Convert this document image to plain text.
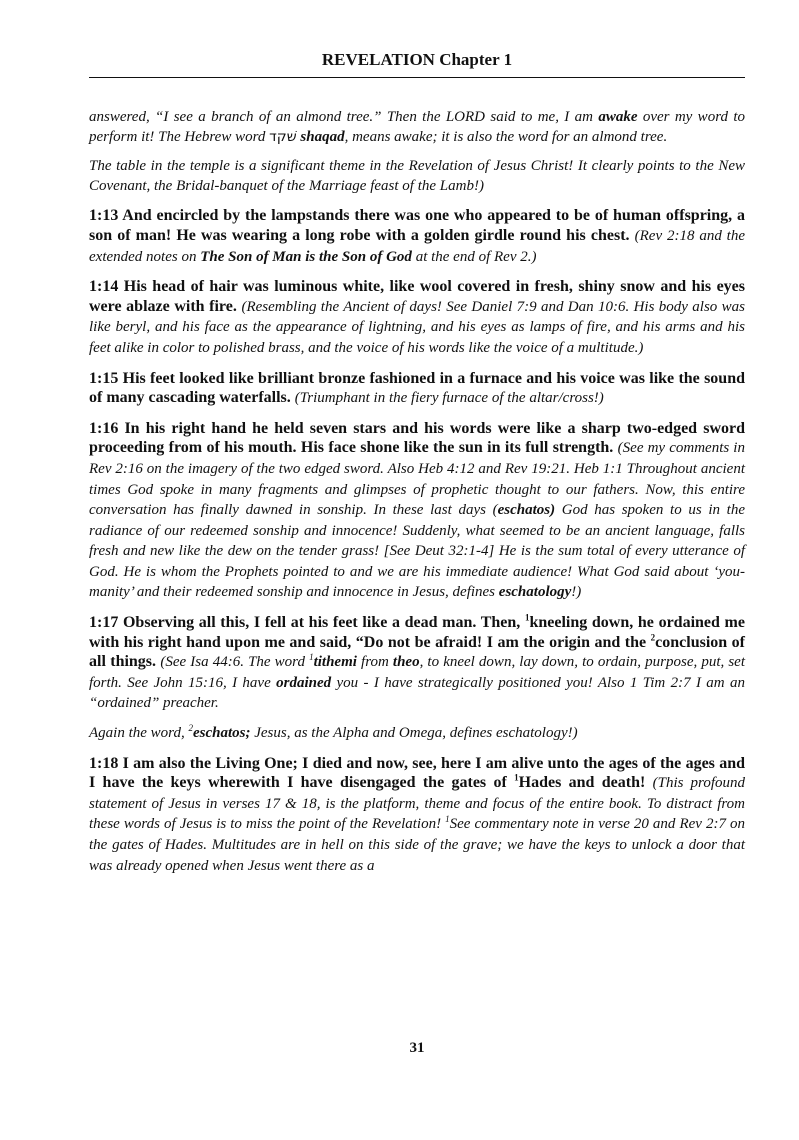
REVELATION Chapter 1

answered, “I see a branch of an almond tree.” Then the LORD said to me, I am awake over my word to perform it! The Hebrew word שׁקד shaqad, means awake; it is also the word for an almond tree.

The table in the temple is a significant theme in the Revelation of Jesus Christ! It clearly points to the New Covenant, the Bridal-banquet of the Marriage feast of the Lamb!)

1:13 And encircled by the lampstands there was one who appeared to be of human offspring, a son of man! He was wearing a long robe with a golden girdle round his chest. (Rev 2:18 and the extended notes on The Son of Man is the Son of God at the end of Rev 2.)

1:14 His head of hair was luminous white, like wool covered in fresh, shiny snow and his eyes were ablaze with fire. (Resembling the Ancient of days! See Daniel 7:9 and Dan 10:6. His body also was like beryl, and his face as the appearance of lightning, and his eyes as lamps of fire, and his arms and his feet alike in color to polished brass, and the voice of his words like the voice of a multitude.)

1:15 His feet looked like brilliant bronze fashioned in a furnace and his voice was like the sound of many cascading waterfalls. (Triumphant in the fiery furnace of the altar/cross!)

1:16 In his right hand he held seven stars and his words were like a sharp two-edged sword proceeding from of his mouth. His face shone like the sun in its full strength. (See my comments in Rev 2:16 on the imagery of the two edged sword. Also Heb 4:12 and Rev 19:21. Heb 1:1 Throughout ancient times God spoke in many fragments and glimpses of prophetic thought to our fathers. Now, this entire conversation has finally dawned in sonship. In these last days (eschatos) God has spoken to us in the radiance of our redeemed sonship and innocence! Suddenly, what seemed to be an ancient language, falls fresh and new like the dew on the tender grass! [See Deut 32:1-4] He is the sum total of every utterance of God. He is whom the Prophets pointed to and we are his immediate audience! What God said about ‘you-manity’ and their redeemed sonship and innocence in Jesus, defines eschatology!)

1:17 Observing all this, I fell at his feet like a dead man. Then, $^1$kneeling down, he ordained me with his right hand upon me and said, “Do not be afraid! I am the origin and the $^2$conclusion of all things. (See Isa 44:6. The word $^1$tithemi from theo, to kneel down, lay down, to ordain, purpose, put, set forth. See John 15:16, I have ordained you - I have strategically positioned you! Also 1 Tim 2:7 I am an “ordained” preacher.

Again the word, $^2$eschatos; Jesus, as the Alpha and Omega, defines eschatology!)

1:18 I am also the Living One; I died and now, see, here I am alive unto the ages of the ages and I have the keys wherewith I have disengaged the gates of $^1$Hades and death! (This profound statement of Jesus in verses 17 & 18, is the platform, theme and focus of the entire book. To distract from these words of Jesus is to miss the point of the Revelation! $^1$See commentary note in verse 20 and Rev 2:7 on the gates of Hades. Multitudes are in hell on this side of the grave; we have the keys to unlock a door that was already opened when Jesus went there as a

31
